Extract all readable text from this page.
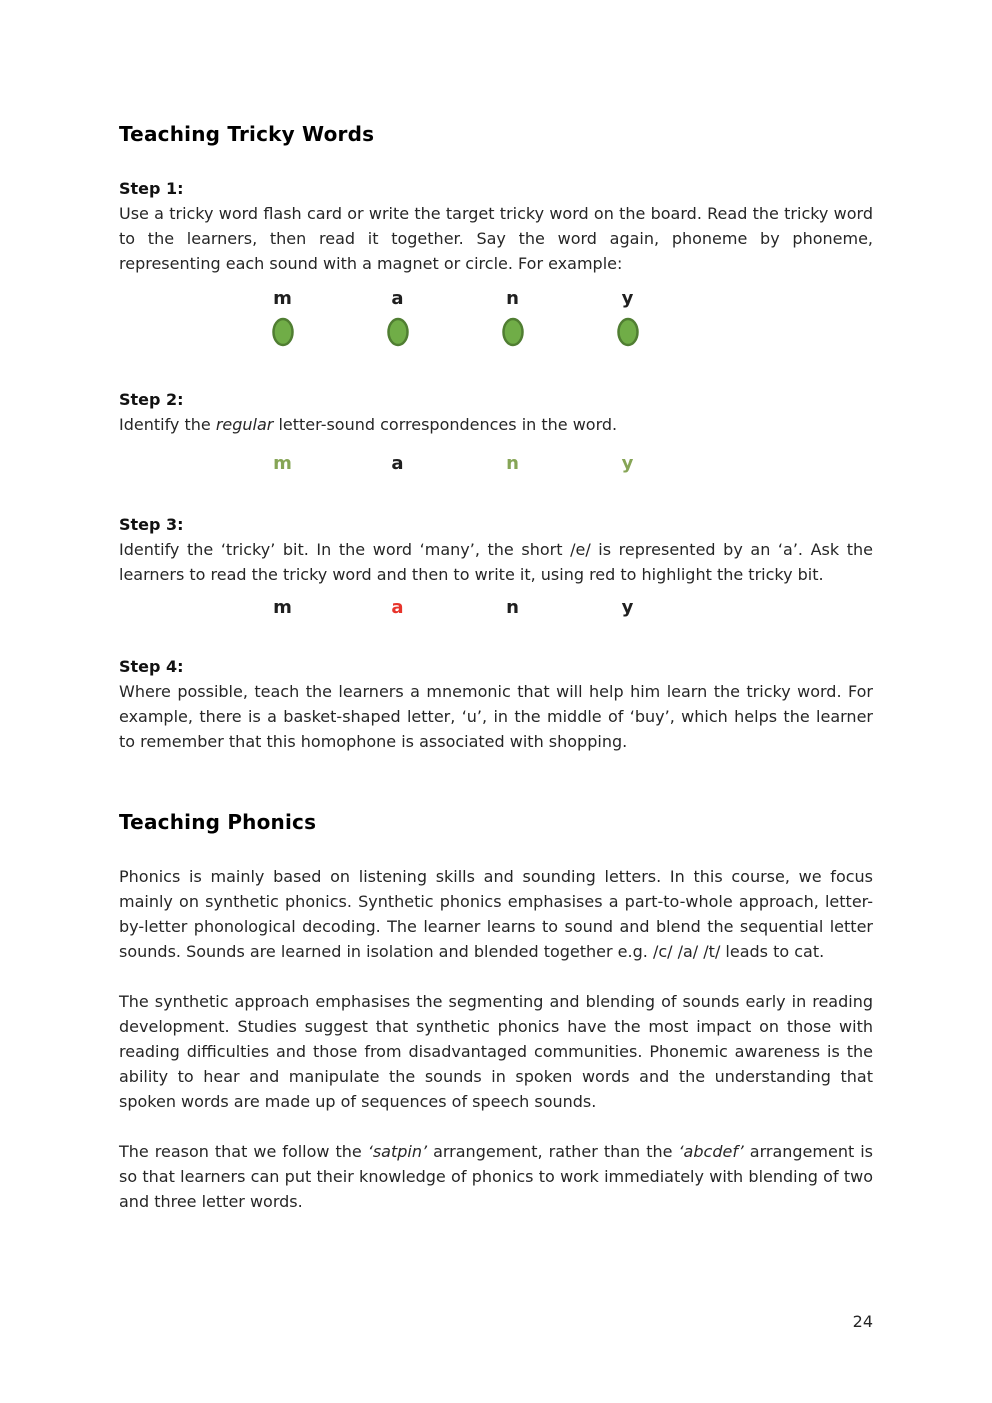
Teaching Tricky Words

Step 1:

Use a tricky word flash card or write the target tricky word on the board. Read the tricky word to the learners, then read it together. Say the word again, phoneme by phoneme, representing each sound with a magnet or circle. For example:

m	a	n	y

Step 2:

Identify the regular letter-sound correspondences in the word.

m	a	n	y

Step 3:

Identify the ‘tricky’ bit. In the word ‘many’, the short /e/ is represented by an ‘a’. Ask the learners to read the tricky word and then to write it, using red to highlight the tricky bit.

m	a	n	y

Step 4:

Where possible, teach the learners a mnemonic that will help him learn the tricky word. For example, there is a basket-shaped letter, ‘u’, in the middle of ‘buy’, which helps the learner to remember that this homophone is associated with shopping.

Teaching Phonics

Phonics is mainly based on listening skills and sounding letters. In this course, we focus mainly on synthetic phonics. Synthetic phonics emphasises a part-to-whole approach, letter-by-letter phonological decoding. The learner learns to sound and blend the sequential letter sounds. Sounds are learned in isolation and blended together e.g. /c/ /a/ /t/ leads to cat.

The synthetic approach emphasises the segmenting and blending of sounds early in reading development. Studies suggest that synthetic phonics have the most impact on those with reading difficulties and those from disadvantaged communities. Phonemic awareness is the ability to hear and manipulate the sounds in spoken words and the understanding that spoken words are made up of sequences of speech sounds.

The reason that we follow the ‘satpin’ arrangement, rather than the ‘abcdef’ arrangement is so that learners can put their knowledge of phonics to work immediately with blending of two and three letter words.

24
